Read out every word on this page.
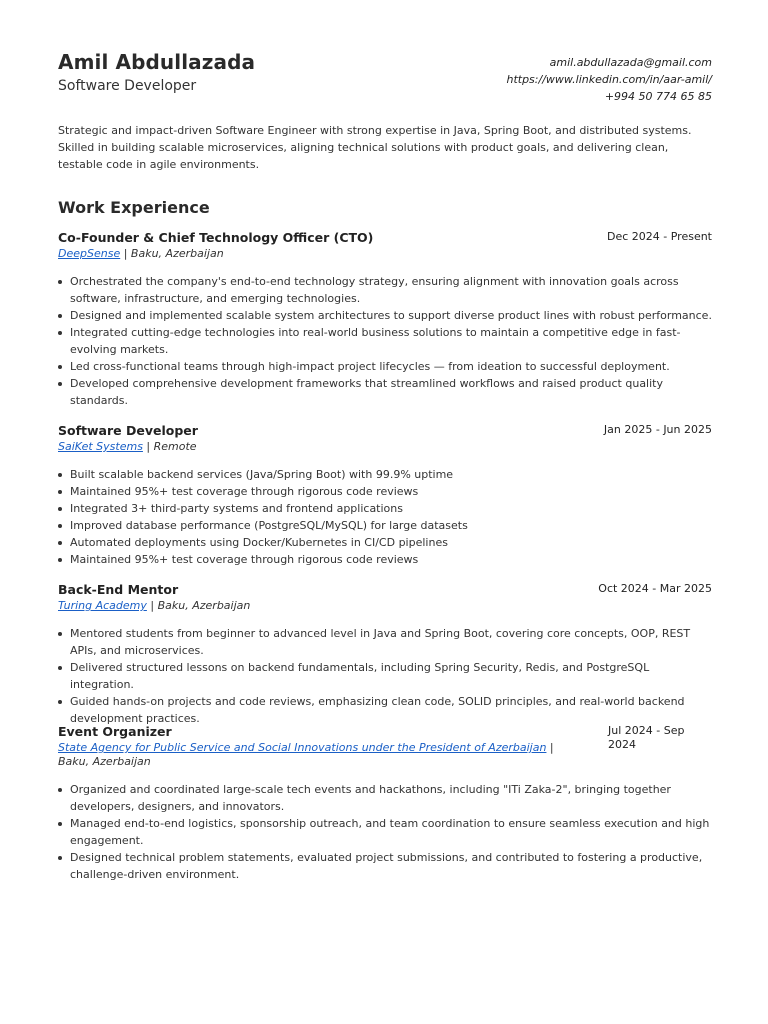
Amil Abdullazada
Software Developer
amil.abdullazada@gmail.com
https://www.linkedin.com/in/aar-amil/
+994 50 774 65 85
Strategic and impact-driven Software Engineer with strong expertise in Java, Spring Boot, and distributed systems. Skilled in building scalable microservices, aligning technical solutions with product goals, and delivering clean, testable code in agile environments.
Work Experience
Co-Founder & Chief Technology Officer (CTO)	Dec 2024 - Present
DeepSense | Baku, Azerbaijan
Orchestrated the company's end-to-end technology strategy, ensuring alignment with innovation goals across software, infrastructure, and emerging technologies.
Designed and implemented scalable system architectures to support diverse product lines with robust performance.
Integrated cutting-edge technologies into real-world business solutions to maintain a competitive edge in fast-evolving markets.
Led cross-functional teams through high-impact project lifecycles — from ideation to successful deployment.
Developed comprehensive development frameworks that streamlined workflows and raised product quality standards.
Software Developer	Jan 2025 - Jun 2025
SaiKet Systems | Remote
Built scalable backend services (Java/Spring Boot) with 99.9% uptime
Maintained 95%+ test coverage through rigorous code reviews
Integrated 3+ third-party systems and frontend applications
Improved database performance (PostgreSQL/MySQL) for large datasets
Automated deployments using Docker/Kubernetes in CI/CD pipelines
Maintained 95%+ test coverage through rigorous code reviews
Back-End Mentor	Oct 2024 - Mar 2025
Turing Academy | Baku, Azerbaijan
Mentored students from beginner to advanced level in Java and Spring Boot, covering core concepts, OOP, REST APIs, and microservices.
Delivered structured lessons on backend fundamentals, including Spring Security, Redis, and PostgreSQL integration.
Guided hands-on projects and code reviews, emphasizing clean code, SOLID principles, and real-world backend development practices.
Event Organizer	Jul 2024 - Sep 2024
State Agency for Public Service and Social Innovations under the President of Azerbaijan | Baku, Azerbaijan
Organized and coordinated large-scale tech events and hackathons, including "ITi Zaka-2", bringing together developers, designers, and innovators.
Managed end-to-end logistics, sponsorship outreach, and team coordination to ensure seamless execution and high engagement.
Designed technical problem statements, evaluated project submissions, and contributed to fostering a productive, challenge-driven environment.
